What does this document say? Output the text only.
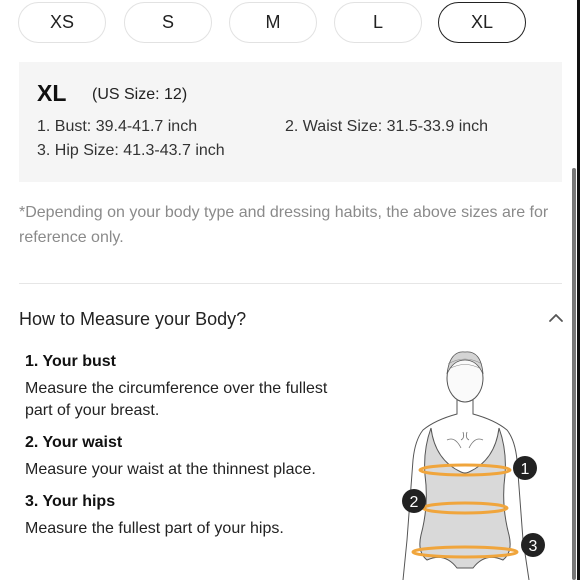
XS	S	M	L	XL
XL (US Size: 12)
1. Bust: 39.4-41.7 inch	2. Waist Size: 31.5-33.9 inch
3. Hip Size: 41.3-43.7 inch
*Depending on your body type and dressing habits, the above sizes are for reference only.
How to Measure your Body?
1. Your bust
Measure the circumference over the fullest part of your breast.
2. Your waist
Measure your waist at the thinnest place.
3. Your hips
Measure the fullest part of your hips.
1
2
3
